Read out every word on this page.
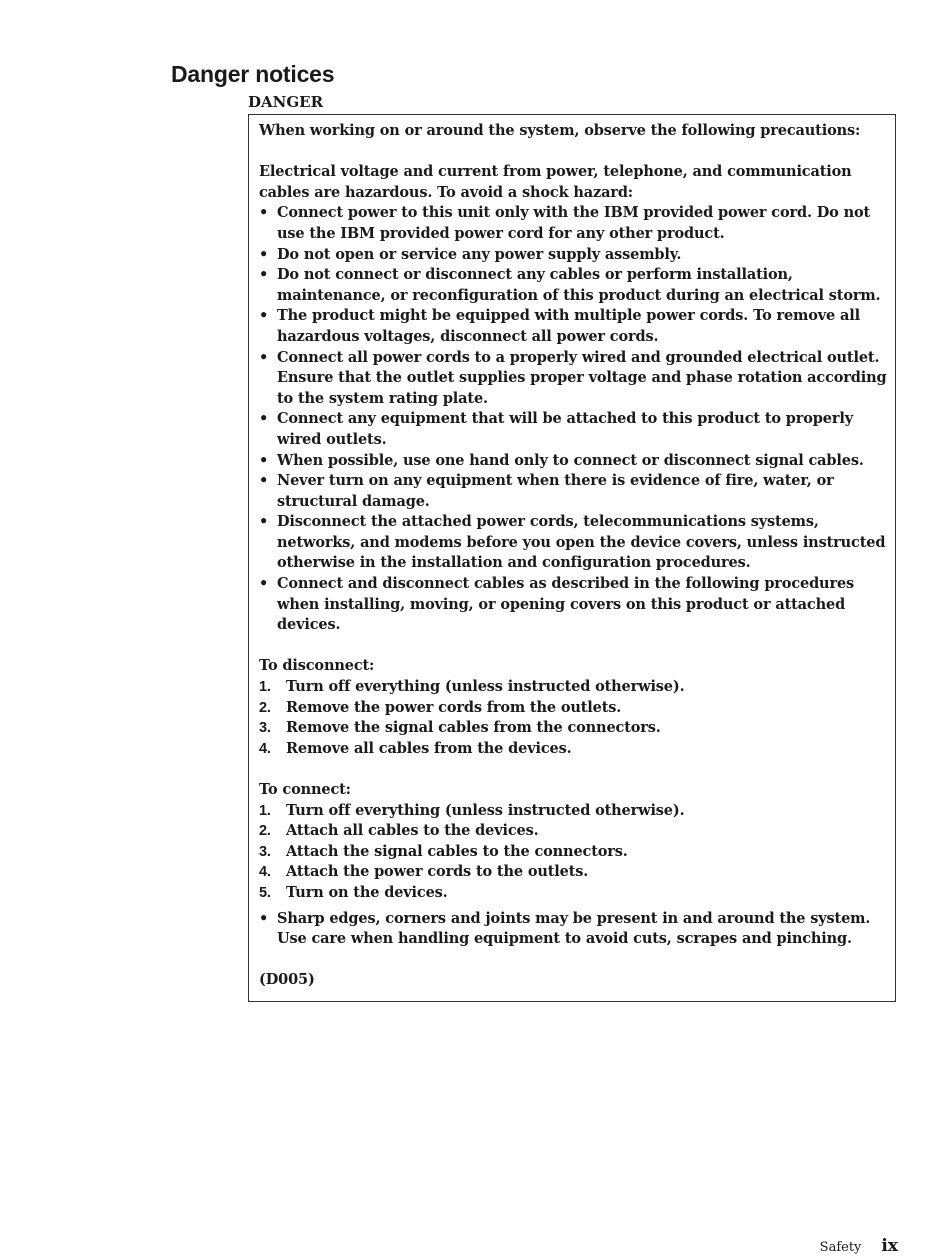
Danger notices
DANGER

When working on or around the system, observe the following precautions:

Electrical voltage and current from power, telephone, and communication cables are hazardous. To avoid a shock hazard:

• Connect power to this unit only with the IBM provided power cord. Do not use the IBM provided power cord for any other product.
• Do not open or service any power supply assembly.
• Do not connect or disconnect any cables or perform installation, maintenance, or reconfiguration of this product during an electrical storm.
• The product might be equipped with multiple power cords. To remove all hazardous voltages, disconnect all power cords.
• Connect all power cords to a properly wired and grounded electrical outlet. Ensure that the outlet supplies proper voltage and phase rotation according to the system rating plate.
• Connect any equipment that will be attached to this product to properly wired outlets.
• When possible, use one hand only to connect or disconnect signal cables.
• Never turn on any equipment when there is evidence of fire, water, or structural damage.
• Disconnect the attached power cords, telecommunications systems, networks, and modems before you open the device covers, unless instructed otherwise in the installation and configuration procedures.
• Connect and disconnect cables as described in the following procedures when installing, moving, or opening covers on this product or attached devices.

To disconnect:

1. Turn off everything (unless instructed otherwise).
2. Remove the power cords from the outlets.
3. Remove the signal cables from the connectors.
4. Remove all cables from the devices.

To connect:

1. Turn off everything (unless instructed otherwise).
2. Attach all cables to the devices.
3. Attach the signal cables to the connectors.
4. Attach the power cords to the outlets.
5. Turn on the devices.
• Sharp edges, corners and joints may be present in and around the system. Use care when handling equipment to avoid cuts, scrapes and pinching.

(D005)

Safety ix
